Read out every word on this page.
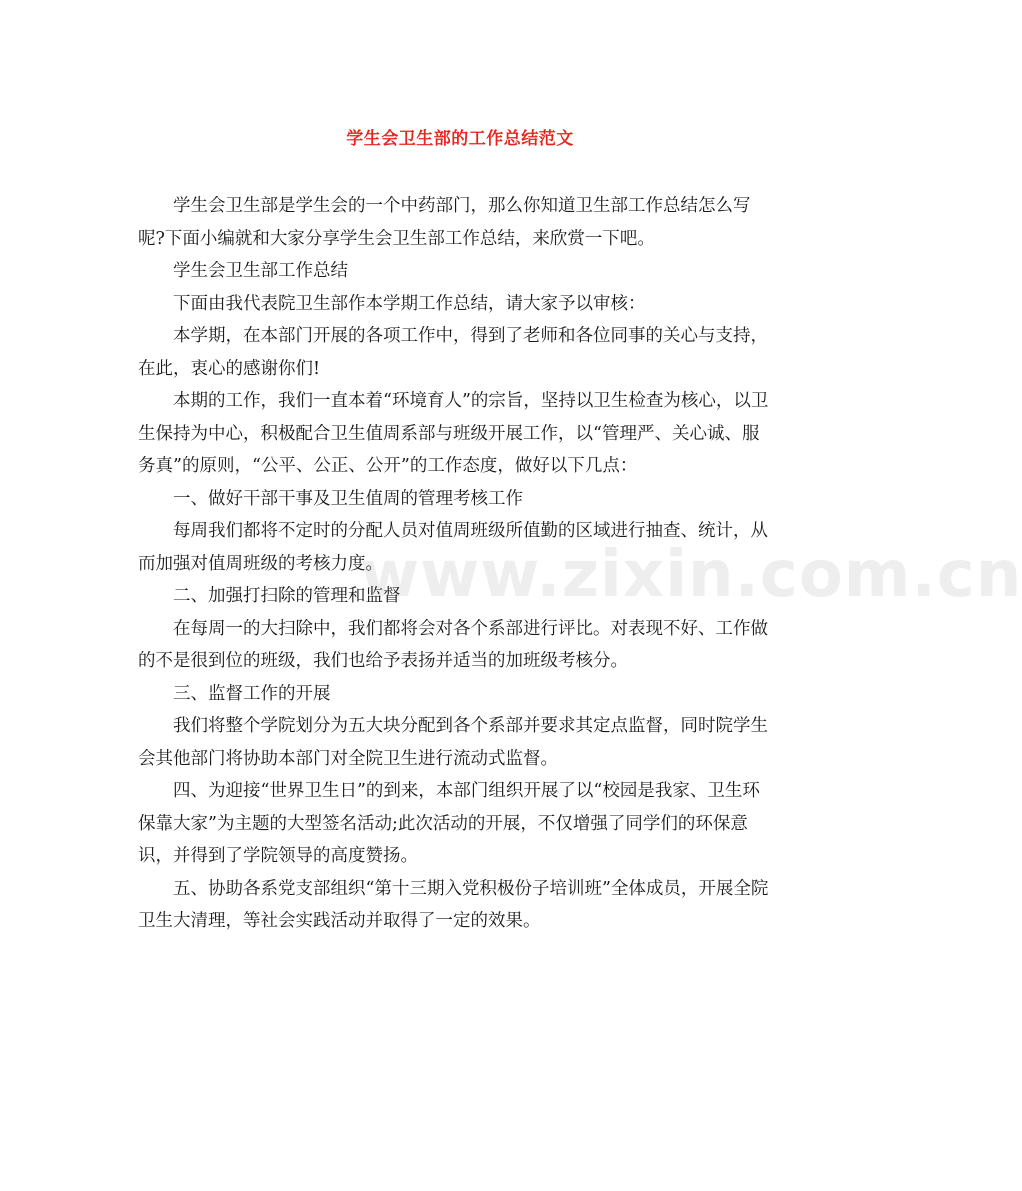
www.zixin.com.cn
学生会卫生部的工作总结范文

学生会卫生部是学生会的一个中药部门，那么你知道卫生部工作总结怎么写呢?下面小编就和大家分享学生会卫生部工作总结，来欣赏一下吧。

学生会卫生部工作总结

下面由我代表院卫生部作本学期工作总结，请大家予以审核：

本学期，在本部门开展的各项工作中，得到了老师和各位同事的关心与支持，在此，衷心的感谢你们!

本期的工作，我们一直本着“环境育人”的宗旨，坚持以卫生检查为核心，以卫生保持为中心，积极配合卫生值周系部与班级开展工作，以“管理严、关心诚、服务真”的原则，“公平、公正、公开”的工作态度，做好以下几点：

一、做好干部干事及卫生值周的管理考核工作

每周我们都将不定时的分配人员对值周班级所值勤的区域进行抽查、统计，从而加强对值周班级的考核力度。

二、加强打扫除的管理和监督

在每周一的大扫除中，我们都将会对各个系部进行评比。对表现不好、工作做的不是很到位的班级，我们也给予表扬并适当的加班级考核分。

三、监督工作的开展

我们将整个学院划分为五大块分配到各个系部并要求其定点监督，同时院学生会其他部门将协助本部门对全院卫生进行流动式监督。

四、为迎接“世界卫生日”的到来，本部门组织开展了以“校园是我家、卫生环保靠大家”为主题的大型签名活动;此次活动的开展，不仅增强了同学们的环保意识，并得到了学院领导的高度赞扬。

五、协助各系党支部组织“第十三期入党积极份子培训班”全体成员，开展全院卫生大清理，等社会实践活动并取得了一定的效果。
